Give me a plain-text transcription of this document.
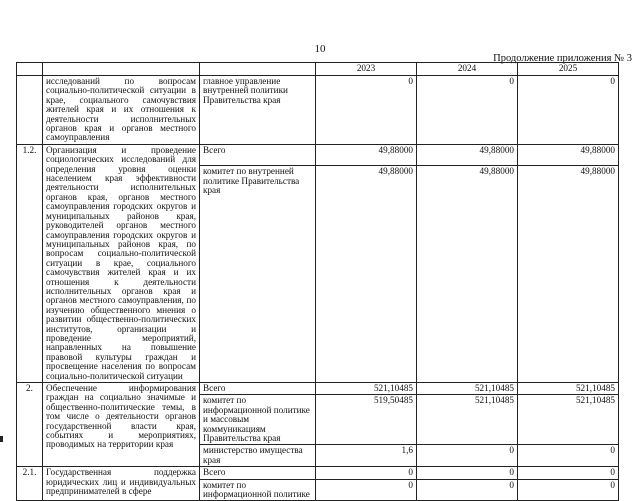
10
Продолжение приложения № 3
			2023	2024	2025
	исследований по вопросам социально-политической ситуации в крае, социального самочувствия жителей края и их отношения к деятельности исполнительных органов края и органов местного самоуправления	главное управление внутренней политики Правительства края	0	0	0
1.2.	Организация и проведение социологических исследований для определения уровня оценки населением края эффективности деятельности исполнительных органов края, органов местного самоуправления городских округов и муниципальных районов края, руководителей органов местного самоуправления городских округов и муниципальных районов края, по вопросам социально-политической ситуации в крае, социального самочувствия жителей края и их отношения к деятельности исполнительных органов края и органов местного самоуправления, по изучению общественного мнения о развитии общественно-политических институтов, организации и проведение мероприятий, направленных на повышение правовой культуры граждан и просвещение населения по вопросам социально-политической ситуации	Всего	49,88000	49,88000	49,88000
		комитет по внутренней политике Правительства края	49,88000	49,88000	49,88000
2.	Обеспечение информирования граждан на социально значимые и общественно-политические темы, в том числе о деятельности органов государственной власти края, событиях и мероприятиях, проводимых на территории края	Всего	521,10485	521,10485	521,10485
		комитет по информационной политике и массовым коммуникациям Правительства края	519,50485	521,10485	521,10485
		министерство имущества края	1,6	0	0
2.1.	Государственная поддержка юридических лиц и индивидуальных предпринимателей в сфере	Всего	0	0	0
		комитет по информационной политике	0	0	0
